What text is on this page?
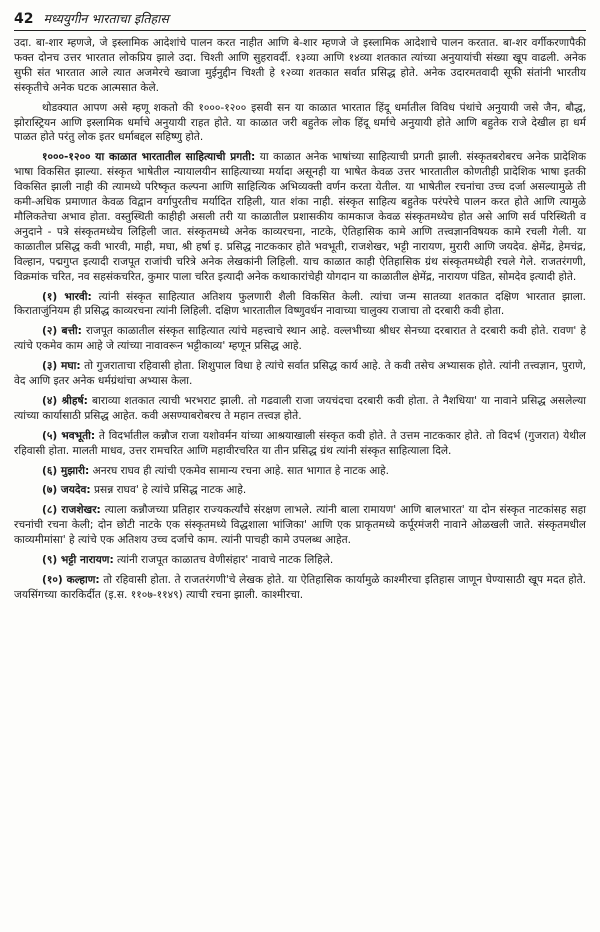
42 मध्ययुगीन भारताचा इतिहास

उदा. बा-शार म्हणजे, जे इस्लामिक आदेशांचे पालन करत नाहीत आणि बे-शार म्हणजे जे इस्लामिक आदेशाचे पालन करतात. बा-शर वर्गीकरणापैकी फक्त दोनच उत्तर भारतात लोकप्रिय झाले उदा. चिश्ती आणि सुहरावर्दी. १३व्या आणि १४व्या शतकात त्यांच्या अनुयायांची संख्या खूप वाढली. अनेक सुफी संत भारतात आले त्यात अजमेरचे ख्वाजा मुईनुद्दीन चिश्ती हे १२व्या शतकात सर्वात प्रसिद्ध होते. अनेक उदारमतवादी सूफी संतांनी भारतीय संस्कृतीचे अनेक घटक आत्मसात केले.

थोडक्यात आपण असे म्हणू शकतो की १०००-१२०० इसवी सन या काळात भारतात हिंदू धर्मातील विविध पंथांचे अनुयायी जसे जैन, बौद्ध, झोरास्ट्रियन आणि इस्लामिक धर्माचे अनुयायी राहत होते. या काळात जरी बहुतेक लोक हिंदू धर्माचे अनुयायी होते आणि बहुतेक राजे देखील हा धर्म पाळत होते परंतु लोक इतर धर्माबद्दल सहिष्णु होते.

१०००-१२०० या काळात भारतातील साहित्याची प्रगती: या काळात अनेक भाषांच्या साहित्याची प्रगती झाली. संस्कृतबरोबरच अनेक प्रादेशिक भाषा विकसित झाल्या. संस्कृत भाषेतील न्यायालयीन साहित्याच्या मर्यादा असूनही या भाषेत केवळ उत्तर भारतातील कोणतीही प्रादेशिक भाषा इतकी विकसित झाली नाही की त्यामध्ये परिष्कृत कल्पना आणि साहित्यिक अभिव्यक्ती वर्णन करता येतील. या भाषेतील रचनांचा उच्च दर्जा असल्यामुळे ती कमी-अधिक प्रमाणात केवळ विद्वान वर्गापुरतीच मर्यादित राहिली, यात शंका नाही. संस्कृत साहित्य बहुतेक परंपरेचे पालन करत होते आणि त्यामुळे मौलिकतेचा अभाव होता. वस्तुस्थिती काहीही असली तरी या काळातील प्रशासकीय कामकाज केवळ संस्कृतमध्येच होत असे आणि सर्व परिस्थिती व अनुदाने - पत्रे संस्कृतमध्येच लिहिली जात. संस्कृतमध्ये अनेक काव्यरचना, नाटके, ऐतिहासिक कामे आणि तत्त्वज्ञानविषयक कामे रचली गेली. या काळातील प्रसिद्ध कवी भारवी, माही, मघा, श्री हर्षा इ. प्रसिद्ध नाटककार होते भवभूती, राजशेखर, भट्टी नारायण, मुरारी आणि जयदेव. क्षेमेंद्र, हेमचंद्र, विल्हान, पद्मगुप्त इत्यादी राजपूत राजांची चरित्रे अनेक लेखकांनी लिहिली. याच काळात काही ऐतिहासिक ग्रंथ संस्कृतमध्येही रचले गेले. राजतरंगणी, विक्रमांक चरित, नव सहसंकचरित, कुमार पाला चरित इत्यादी अनेक कथाकारांचेही योगदान या काळातील क्षेमेंद्र, नारायण पंडित, सोमदेव इत्यादी होते.

(१) भारवी: त्यांनी संस्कृत साहित्यात अतिशय फुलणारी शैली विकसित केली. त्यांचा जन्म सातव्या शतकात दक्षिण भारतात झाला. किराताजुंनियम ही प्रसिद्ध काव्यरचना त्यांनी लिहिली. दक्षिण भारतातील विष्णुवर्धन नावाच्या चालुक्य राजाचा तो दरबारी कवी होता.

(२) बत्ती: राजपूत काळातील संस्कृत साहित्यात त्यांचे महत्त्वाचे स्थान आहे. वल्लभीच्या श्रीधर सेनच्या दरबारात ते दरबारी कवी होते. रावण' हे त्यांचे एकमेव काम आहे जे त्यांच्या नावावरून भट्टीकाव्य' म्हणून प्रसिद्ध आहे.

(३) मघा: तो गुजराताचा रहिवासी होता. शिशुपाल विधा हे त्यांचे सर्वात प्रसिद्ध कार्य आहे. ते कवी तसेच अभ्यासक होते. त्यांनी तत्त्वज्ञान, पुराणे, वेद आणि इतर अनेक धर्मग्रंथांचा अभ्यास केला.

(४) श्रीहर्ष: बाराव्या शतकात त्याची भरभराट झाली. तो गढवाली राजा जयचंदचा दरबारी कवी होता. ते नैशधिया' या नावाने प्रसिद्ध असलेल्या त्यांच्या कार्यासाठी प्रसिद्ध आहेत. कवी असण्याबरोबरच ते महान तत्त्वज्ञ होते.

(५) भवभूती: ते विदर्भातील कन्नौज राजा यशोवर्मन यांच्या आश्रयाखाली संस्कृत कवी होते. ते उत्तम नाटककार होते. तो विदर्भ (गुजरात) येथील रहिवासी होता. मालती माधव, उत्तर रामचरित आणि महावीरचरित या तीन प्रसिद्ध ग्रंथ त्यांनी संस्कृत साहित्याला दिले.

(६) मुझारी: अनरघ राघव ही त्यांची एकमेव सामान्य रचना आहे. सात भागात हे नाटक आहे.

(७) जयदेव: प्रसन्न राघव' हे त्यांचे प्रसिद्ध नाटक आहे.

(८) राजशेखर: त्याला कन्नौजच्या प्रतिहार राज्यकर्त्यांचे संरक्षण लाभले. त्यांनी बाला रामायण' आणि बालभारत' या दोन संस्कृत नाटकांसह सहा रचनांची रचना केली; दोन छोटी नाटके एक संस्कृतमध्ये विद्धशाला भांजिका' आणि एक प्राकृतमध्ये कर्पूरमंजरी नावाने ओळखली जाते. संस्कृतमधील काव्यमीमांसा' हे त्यांचे एक अतिशय उच्च दर्जाचे काम. त्यांनी पाचही कामे उपलब्ध आहेत.

(९) भट्टी नारायण: त्यांनी राजपूत काळातच वेणीसंहार' नावाचे नाटक लिहिले.

(१०) कल्हाण: तो रहिवासी होता. ते राजतरंगणी'चे लेखक होते. या ऐतिहासिक कार्यामुळे काश्मीरचा इतिहास जाणून घेण्यासाठी खूप मदत होते. जयसिंगच्या कारकिर्दीत (इ.स. ११०७-११४९) त्याची रचना झाली. काश्मीरचा.
